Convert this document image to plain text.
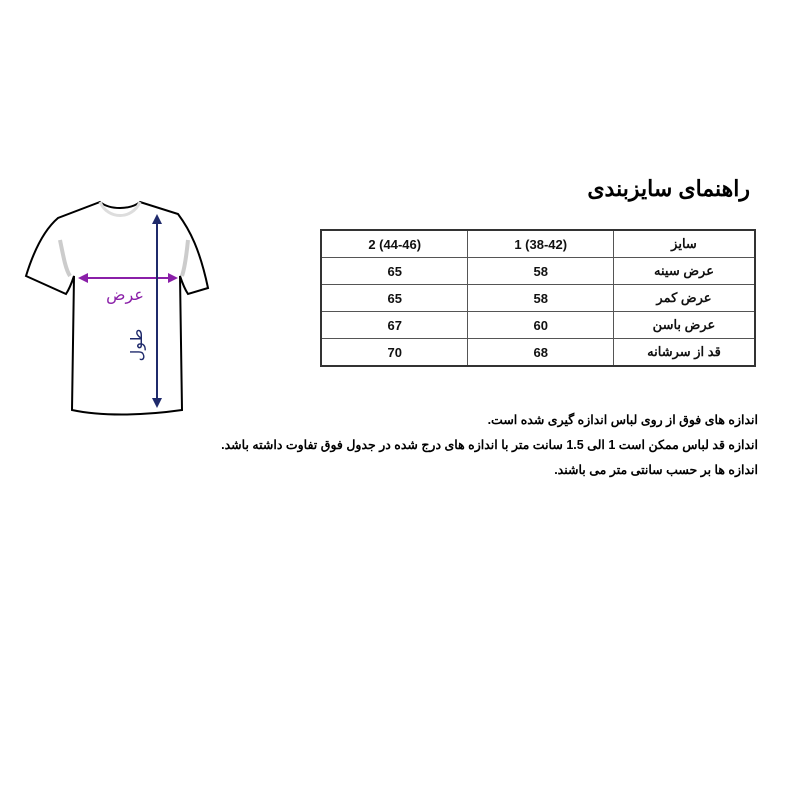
عرض
طول
راهنمای سایزبندی
سایز	1 (38-42)	2 (44-46)
عرض سینه	58	65
عرض کمر	58	65
عرض باسن	60	67
قد از سرشانه	68	70
اندازه های فوق از روی لباس اندازه گیری شده است.
اندازه قد لباس ممکن است 1 الی 1.5 سانت متر با اندازه های درج شده در جدول فوق تفاوت داشته باشد.
اندازه ها بر حسب سانتی متر می باشند.
